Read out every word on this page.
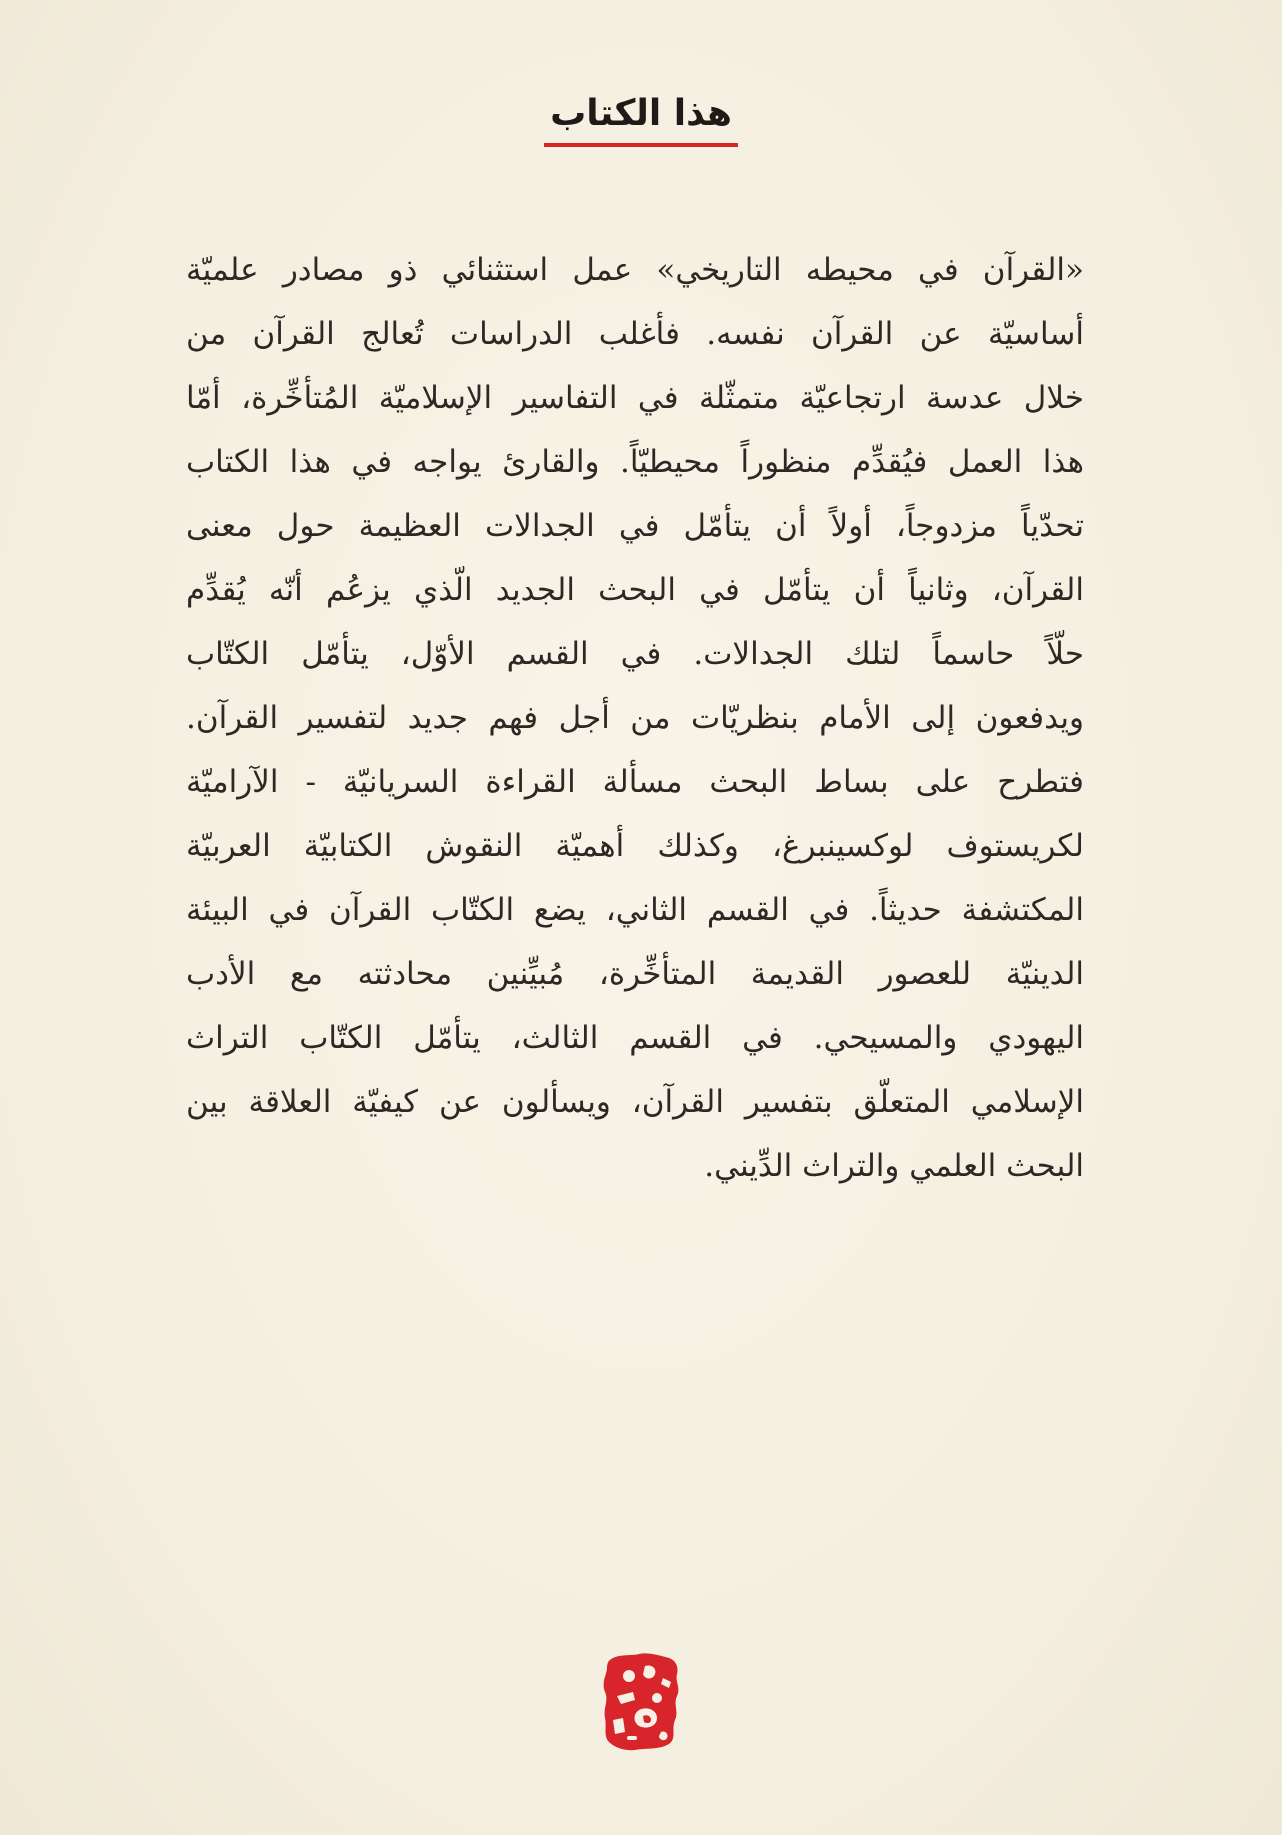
هذا الكتاب
«القرآن في محيطه التاريخي» عمل استثنائي ذو مصادر علميّة
أساسيّة عن القرآن نفسه. فأغلب الدراسات تُعالج القرآن من
خلال عدسة ارتجاعيّة متمثّلة في التفاسير الإسلاميّة المُتأخِّرة، أمّا
هذا العمل فيُقدِّم منظوراً محيطيّاً. والقارئ يواجه في هذا الكتاب
تحدّياً مزدوجاً، أولاً أن يتأمّل في الجدالات العظيمة حول معنى
القرآن، وثانياً أن يتأمّل في البحث الجديد الّذي يزعُم أنّه يُقدِّم
حلّاً حاسماً لتلك الجدالات. في القسم الأوّل، يتأمّل الكتّاب
ويدفعون إلى الأمام بنظريّات من أجل فهم جديد لتفسير القرآن.
فتطرح على بساط البحث مسألة القراءة السريانيّة - الآراميّة
لكريستوف لوكسينبرغ، وكذلك أهميّة النقوش الكتابيّة العربيّة
المكتشفة حديثاً. في القسم الثاني، يضع الكتّاب القرآن في البيئة
الدينيّة للعصور القديمة المتأخِّرة، مُبيِّنين محادثته مع الأدب
اليهودي والمسيحي. في القسم الثالث، يتأمّل الكتّاب التراث
الإسلامي المتعلّق بتفسير القرآن، ويسألون عن كيفيّة العلاقة بين
البحث العلمي والتراث الدِّيني.
